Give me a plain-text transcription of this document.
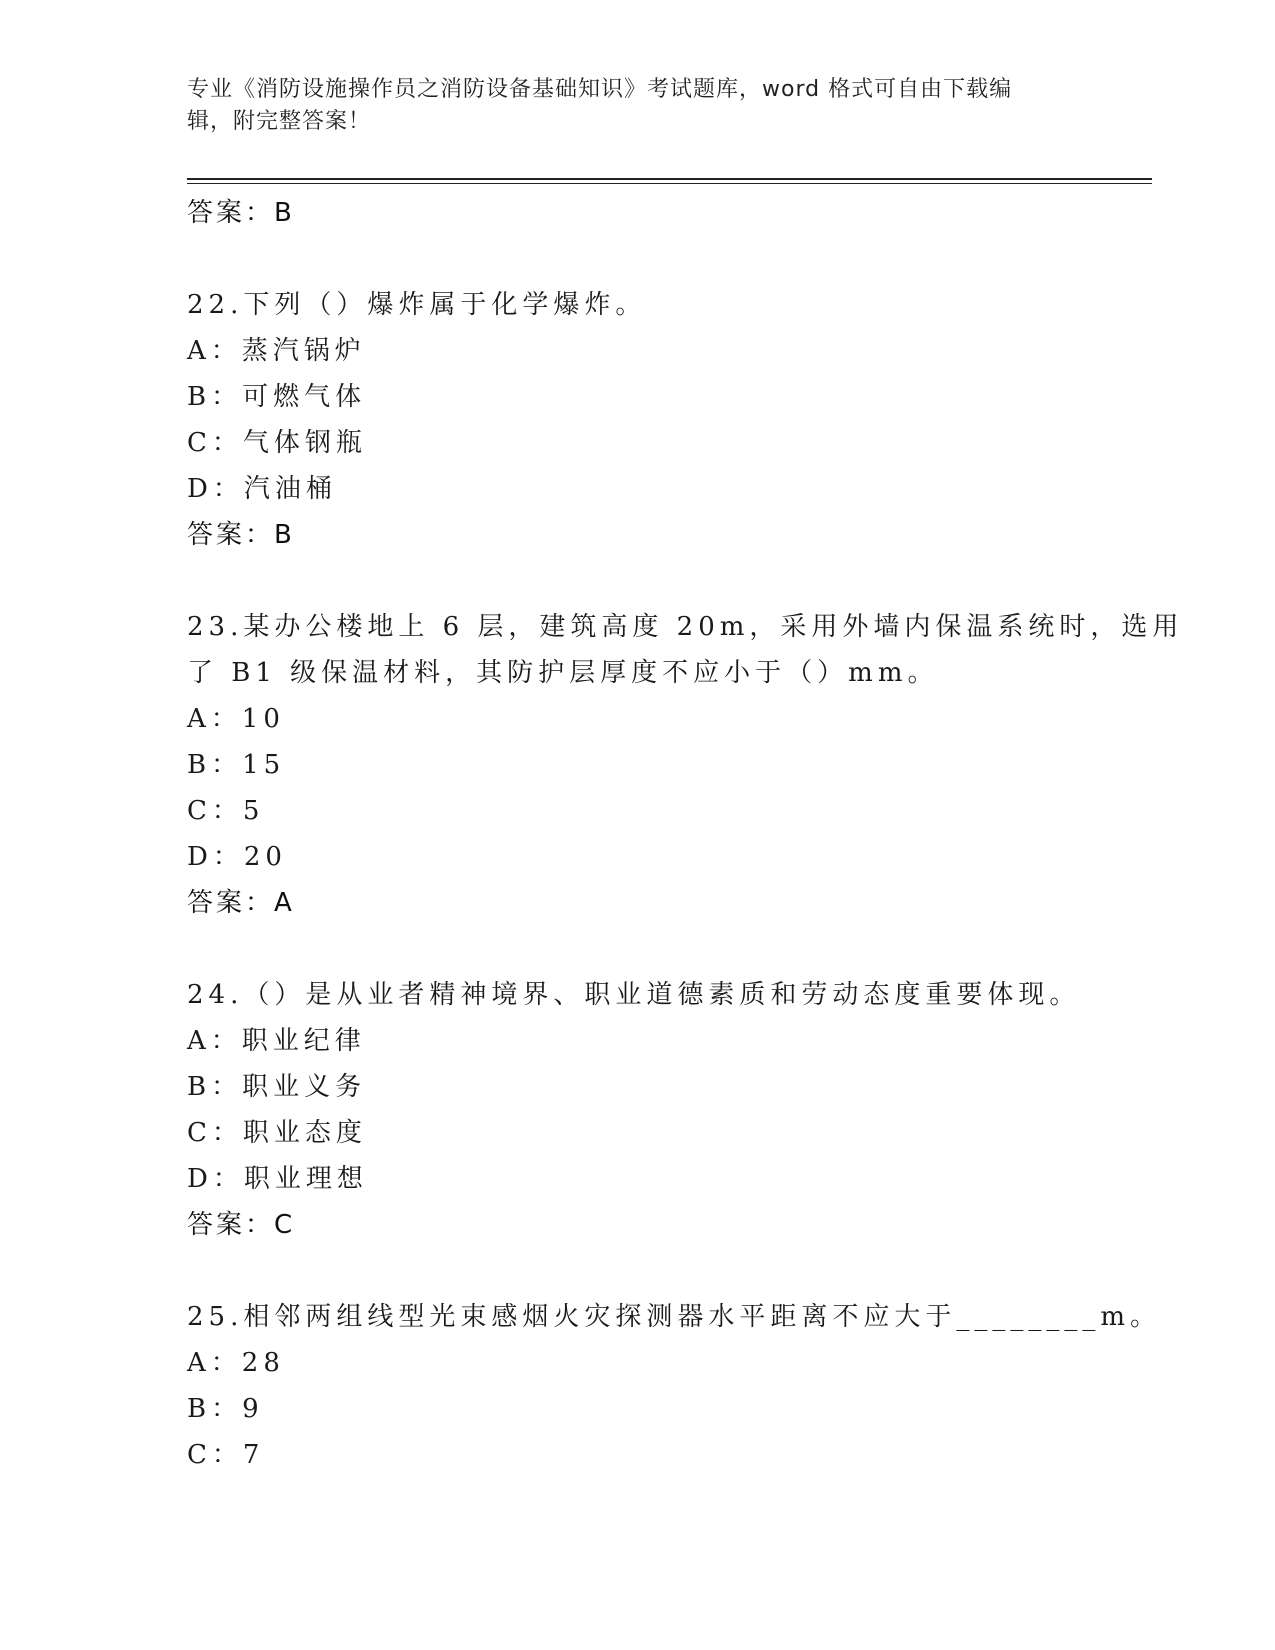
专业《消防设施操作员之消防设备基础知识》考试题库，word 格式可自由下载编
辑，附完整答案！
答案：B
22.下列（）爆炸属于化学爆炸。
A：蒸汽锅炉
B：可燃气体
C：气体钢瓶
D：汽油桶
答案：B
23.某办公楼地上 6 层，建筑高度 20m，采用外墙内保温系统时，选用
了 B1 级保温材料，其防护层厚度不应小于（）mm。
A：10
B：15
C：5
D：20
答案：A
24.（）是从业者精神境界、职业道德素质和劳动态度重要体现。
A：职业纪律
B：职业义务
C：职业态度
D：职业理想
答案：C
25.相邻两组线型光束感烟火灾探测器水平距离不应大于________m。
A：28
B：9
C：7
